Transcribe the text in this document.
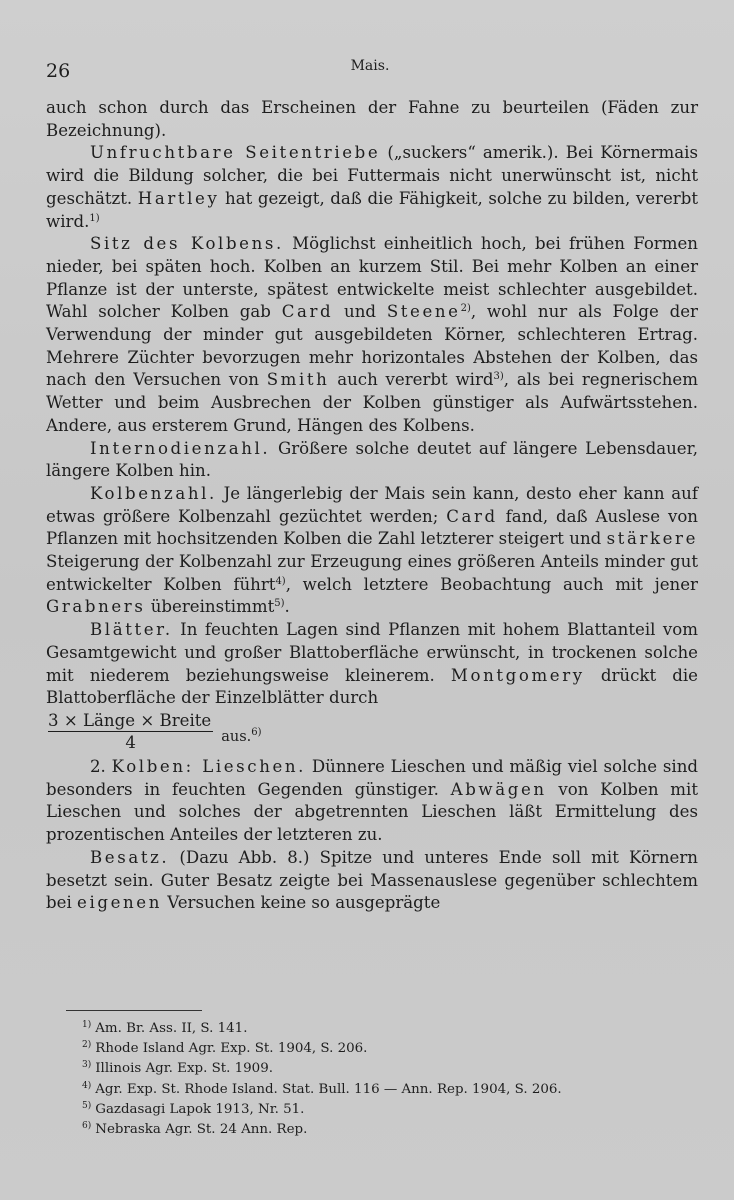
26	Mais.

auch schon durch das Erscheinen der Fahne zu beurteilen (Fäden zur Bezeichnung).

Unfruchtbare Seitentriebe („suckers“ amerik.). Bei Körnermais wird die Bildung solcher, die bei Futtermais nicht unerwünscht ist, nicht geschätzt. Hartley hat gezeigt, daß die Fähigkeit, solche zu bilden, vererbt wird.$^{1)}$

Sitz des Kolbens. Möglichst einheitlich hoch, bei frühen Formen nieder, bei späten hoch. Kolben an kurzem Stil. Bei mehr Kolben an einer Pflanze ist der unterste, spätest entwickelte meist schlechter ausgebildet. Wahl solcher Kolben gab Card und Steene$^{2)}$, wohl nur als Folge der Verwendung der minder gut ausgebildeten Körner, schlechteren Ertrag. Mehrere Züchter bevorzugen mehr horizontales Abstehen der Kolben, das nach den Versuchen von Smith auch vererbt wird$^{3)}$, als bei regnerischem Wetter und beim Ausbrechen der Kolben günstiger als Aufwärtsstehen. Andere, aus ersterem Grund, Hängen des Kolbens.

Internodienzahl. Größere solche deutet auf längere Lebensdauer, längere Kolben hin.

Kolbenzahl. Je längerlebig der Mais sein kann, desto eher kann auf etwas größere Kolbenzahl gezüchtet werden; Card fand, daß Auslese von Pflanzen mit hochsitzenden Kolben die Zahl letzterer steigert und stärkere Steigerung der Kolbenzahl zur Erzeugung eines größeren Anteils minder gut entwickelter Kolben führt$^{4)}$, welch letztere Beobachtung auch mit jener Grabners übereinstimmt$^{5)}$.

Blätter. In feuchten Lagen sind Pflanzen mit hohem Blattanteil vom Gesamtgewicht und großer Blattoberfläche erwünscht, in trockenen solche mit niederem beziehungsweise kleinerem. Montgomery drückt die Blattoberfläche der Einzelblätter durch

$\frac{\text{3 × Länge × Breite}}{4} aus.^{6)}$

2. Kolben: Lieschen. Dünnere Lieschen und mäßig viel solche sind besonders in feuchten Gegenden günstiger. Abwägen von Kolben mit Lieschen und solches der abgetrennten Lieschen läßt Ermittelung des prozentischen Anteiles der letzteren zu.

Besatz. (Dazu Abb. 8.) Spitze und unteres Ende soll mit Körnern besetzt sein. Guter Besatz zeigte bei Massenauslese gegenüber schlechtem bei eigenen Versuchen keine so ausgeprägte

$^{1)}$ Am. Br. Ass. II, S. 141.
$^{2)}$ Rhode Island Agr. Exp. St. 1904, S. 206.
$^{3)}$ Illinois Agr. Exp. St. 1909.
$^{4)}$ Agr. Exp. St. Rhode Island. Stat. Bull. 116 — Ann. Rep. 1904, S. 206.
$^{5)}$ Gazdasagi Lapok 1913, Nr. 51.
$^{6)}$ Nebraska Agr. St. 24 Ann. Rep.
